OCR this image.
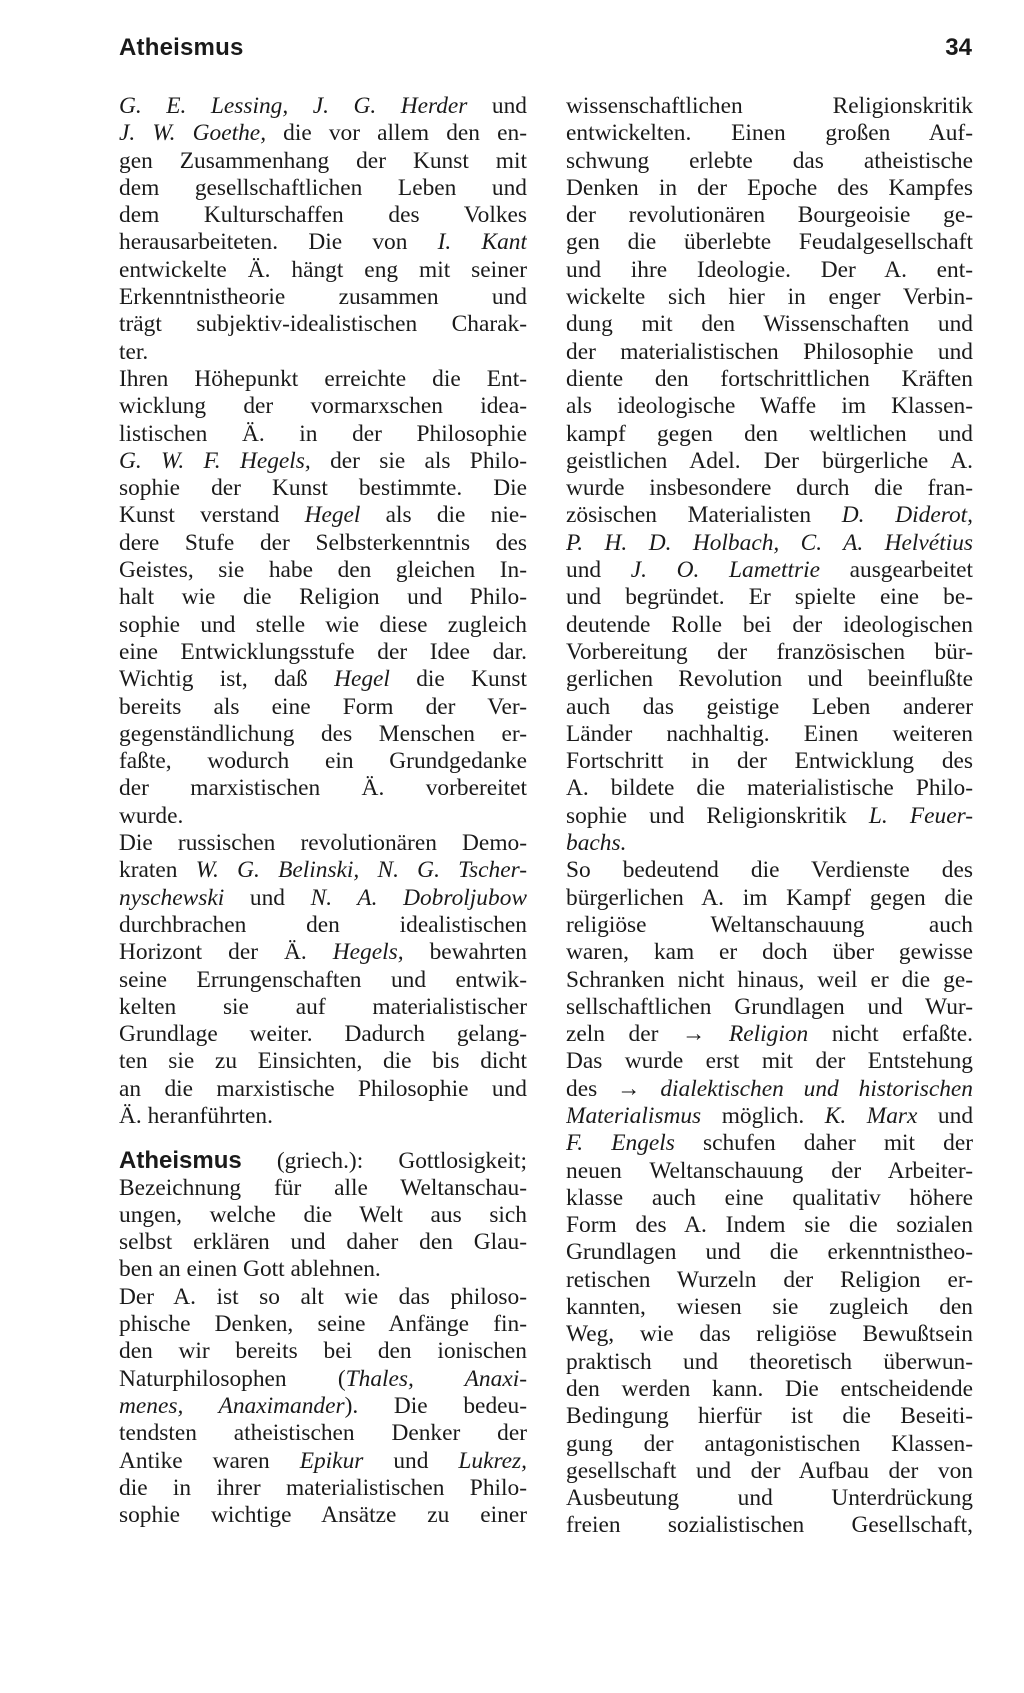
Atheismus	34
G. E. Lessing, J. G. Herder und
J. W. Goethe, die vor allem den en-
gen Zusammenhang der Kunst mit
dem gesellschaftlichen Leben und
dem Kulturschaffen des Volkes
herausarbeiteten. Die von I. Kant
entwickelte Ä. hängt eng mit seiner
Erkenntnistheorie zusammen und
trägt subjektiv-idealistischen Charak-
ter.
Ihren Höhepunkt erreichte die Ent-
wicklung der vormarxschen idea-
listischen Ä. in der Philosophie
G. W. F. Hegels, der sie als Philo-
sophie der Kunst bestimmte. Die
Kunst verstand Hegel als die nie-
dere Stufe der Selbsterkenntnis des
Geistes, sie habe den gleichen In-
halt wie die Religion und Philo-
sophie und stelle wie diese zugleich
eine Entwicklungsstufe der Idee dar.
Wichtig ist, daß Hegel die Kunst
bereits als eine Form der Ver-
gegenständlichung des Menschen er-
faßte, wodurch ein Grundgedanke
der marxistischen Ä. vorbereitet
wurde.
Die russischen revolutionären Demo-
kraten W. G. Belinski, N. G. Tscher-
nyschewski und N. A. Dobroljubow
durchbrachen den idealistischen
Horizont der Ä. Hegels, bewahrten
seine Errungenschaften und entwik-
kelten sie auf materialistischer
Grundlage weiter. Dadurch gelang-
ten sie zu Einsichten, die bis dicht
an die marxistische Philosophie und
Ä. heranführten.
Atheismus (griech.): Gottlosigkeit;
Bezeichnung für alle Weltanschau-
ungen, welche die Welt aus sich
selbst erklären und daher den Glau-
ben an einen Gott ablehnen.
Der A. ist so alt wie das philoso-
phische Denken, seine Anfänge fin-
den wir bereits bei den ionischen
Naturphilosophen (Thales, Anaxi-
menes, Anaximander). Die bedeu-
tendsten atheistischen Denker der
Antike waren Epikur und Lukrez,
die in ihrer materialistischen Philo-
sophie wichtige Ansätze zu einer
wissenschaftlichen Religionskritik
entwickelten. Einen großen Auf-
schwung erlebte das atheistische
Denken in der Epoche des Kampfes
der revolutionären Bourgeoisie ge-
gen die überlebte Feudalgesellschaft
und ihre Ideologie. Der A. ent-
wickelte sich hier in enger Verbin-
dung mit den Wissenschaften und
der materialistischen Philosophie und
diente den fortschrittlichen Kräften
als ideologische Waffe im Klassen-
kampf gegen den weltlichen und
geistlichen Adel. Der bürgerliche A.
wurde insbesondere durch die fran-
zösischen Materialisten D. Diderot,
P. H. D. Holbach, C. A. Helvétius
und J. O. Lamettrie ausgearbeitet
und begründet. Er spielte eine be-
deutende Rolle bei der ideologischen
Vorbereitung der französischen bür-
gerlichen Revolution und beeinflußte
auch das geistige Leben anderer
Länder nachhaltig. Einen weiteren
Fortschritt in der Entwicklung des
A. bildete die materialistische Philo-
sophie und Religionskritik L. Feuer-
bachs.
So bedeutend die Verdienste des
bürgerlichen A. im Kampf gegen die
religiöse Weltanschauung auch
waren, kam er doch über gewisse
Schranken nicht hinaus, weil er die ge-
sellschaftlichen Grundlagen und Wur-
zeln der → Religion nicht erfaßte.
Das wurde erst mit der Entstehung
des → dialektischen und historischen
Materialismus möglich. K. Marx und
F. Engels schufen daher mit der
neuen Weltanschauung der Arbeiter-
klasse auch eine qualitativ höhere
Form des A. Indem sie die sozialen
Grundlagen und die erkenntnistheo-
retischen Wurzeln der Religion er-
kannten, wiesen sie zugleich den
Weg, wie das religiöse Bewußtsein
praktisch und theoretisch überwun-
den werden kann. Die entscheidende
Bedingung hierfür ist die Beseiti-
gung der antagonistischen Klassen-
gesellschaft und der Aufbau der von
Ausbeutung und Unterdrückung
freien sozialistischen Gesellschaft,
